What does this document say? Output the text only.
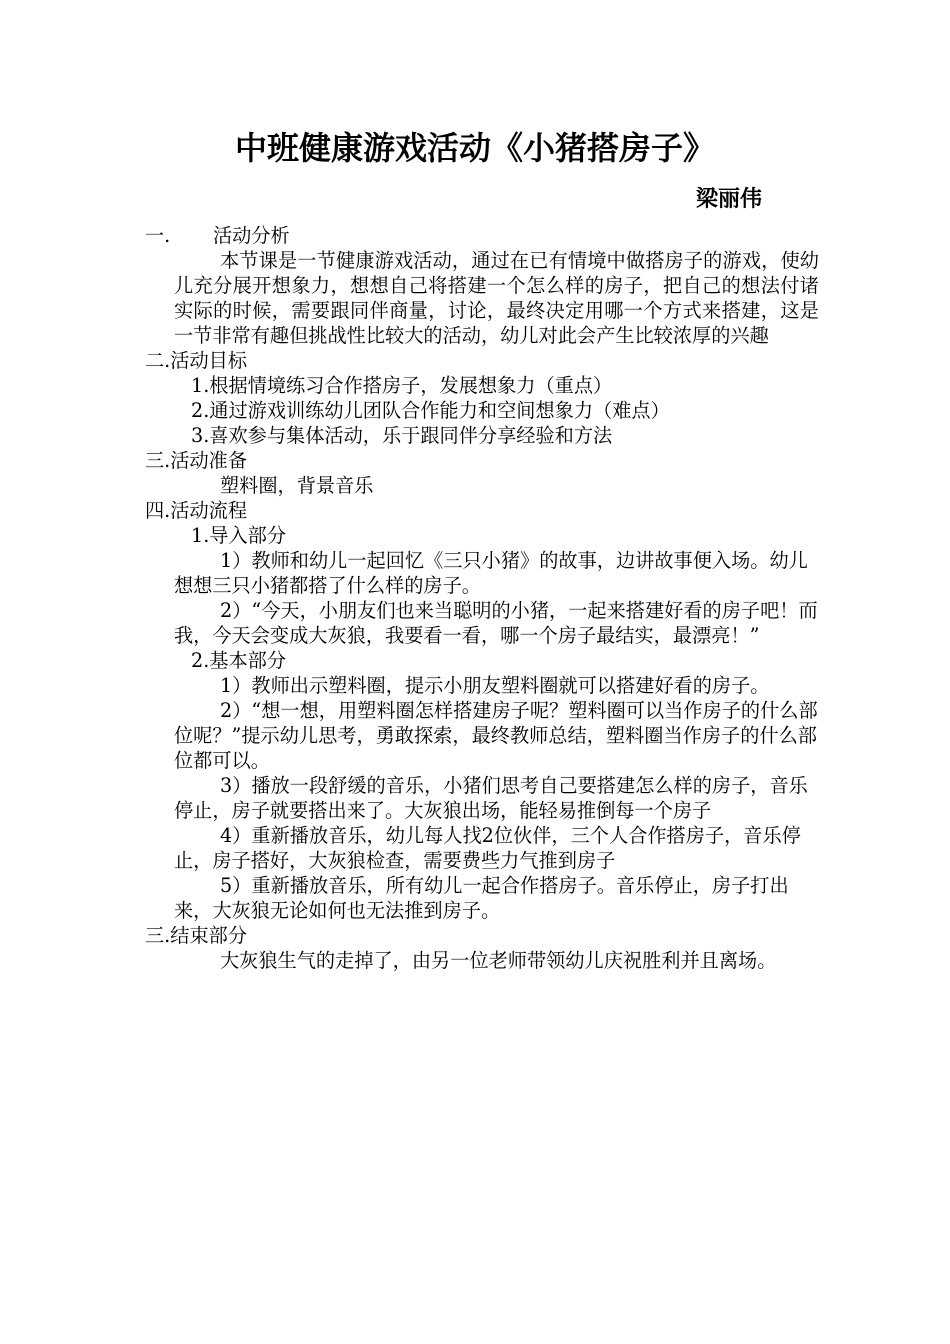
中班健康游戏活动《小猪搭房子》
梁丽伟
一. 活动分析
本节课是一节健康游戏活动，通过在已有情境中做搭房子的游戏，使幼儿充分展开想象力，想想自己将搭建一个怎么样的房子，把自己的想法付诸实际的时候，需要跟同伴商量，讨论，最终决定用哪一个方式来搭建，这是一节非常有趣但挑战性比较大的活动，幼儿对此会产生比较浓厚的兴趣
二.活动目标
1.根据情境练习合作搭房子，发展想象力（重点）
2.通过游戏训练幼儿团队合作能力和空间想象力（难点）
3.喜欢参与集体活动，乐于跟同伴分享经验和方法
三.活动准备
塑料圈，背景音乐
四.活动流程
1.导入部分
1）教师和幼儿一起回忆《三只小猪》的故事，边讲故事便入场。幼儿想想三只小猪都搭了什么样的房子。
2）“今天，小朋友们也来当聪明的小猪，一起来搭建好看的房子吧！而我，今天会变成大灰狼，我要看一看，哪一个房子最结实，最漂亮！”
2.基本部分
1）教师出示塑料圈，提示小朋友塑料圈就可以搭建好看的房子。
2）“想一想，用塑料圈怎样搭建房子呢？塑料圈可以当作房子的什么部位呢？”提示幼儿思考，勇敢探索，最终教师总结，塑料圈当作房子的什么部位都可以。
3）播放一段舒缓的音乐，小猪们思考自己要搭建怎么样的房子，音乐停止，房子就要搭出来了。大灰狼出场，能轻易推倒每一个房子
4）重新播放音乐，幼儿每人找2位伙伴，三个人合作搭房子，音乐停止，房子搭好，大灰狼检查，需要费些力气推到房子
5）重新播放音乐，所有幼儿一起合作搭房子。音乐停止，房子打出来，大灰狼无论如何也无法推到房子。
三.结束部分
大灰狼生气的走掉了，由另一位老师带领幼儿庆祝胜利并且离场。
